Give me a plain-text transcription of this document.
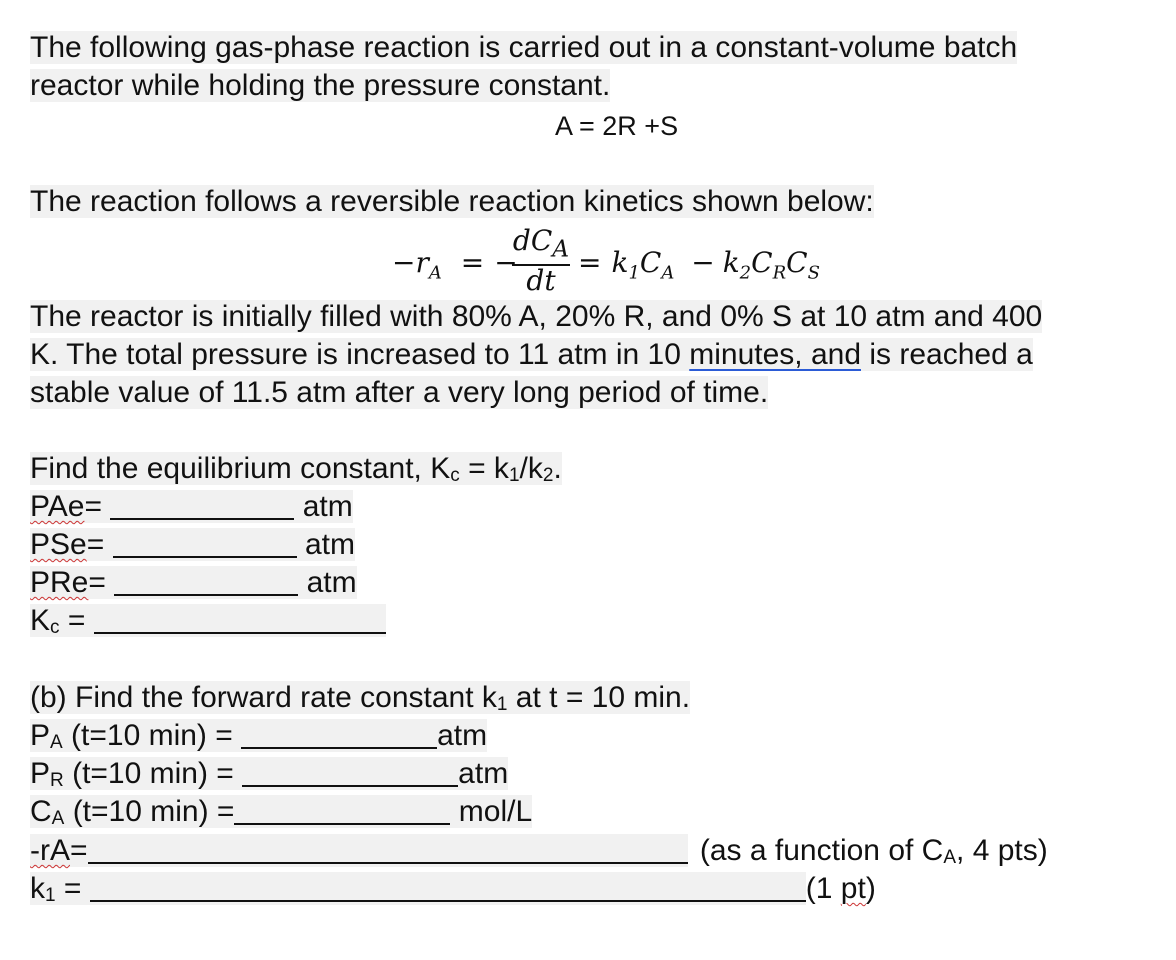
The following gas-phase reaction is carried out in a constant-volume batch
reactor while holding the pressure constant.
A = 2R +S
The reaction follows a reversible reaction kinetics shown below:
$-r_A$ = −
$dC_A$
dt
= $k_1C_A - k_2C_RC_S$
The reactor is initially filled with 80% A, 20% R, and 0% S at 10 atm and 400
K. The total pressure is increased to 11 atm in 10 minutes, and is reached a
stable value of 11.5 atm after a very long period of time.
Find the equilibrium constant, $K_c = k_1/k_2$.
PAe=	atm
PSe=	atm
PRe=	atm
$K_c$ =
(b) Find the forward rate constant $k_1$ at t = 10 min.
$P_A$ (t=10 min) =	atm
$P_R$ (t=10 min) =	atm
$C_A$ (t=10 min) =	mol/L
-rA=	(as a function of $C_A$, 4 pts)
$k_1$ =	(1 pt)
